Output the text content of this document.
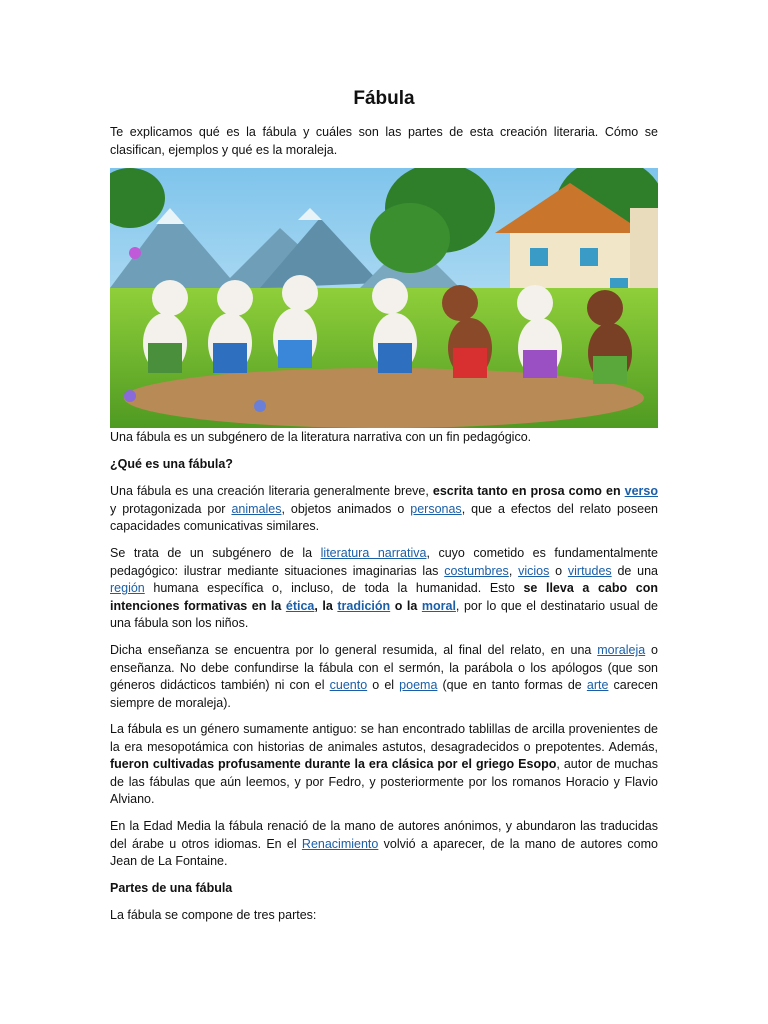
Fábula

Te explicamos qué es la fábula y cuáles son las partes de esta creación literaria. Cómo se clasifican, ejemplos y qué es la moraleja.

Una fábula es un subgénero de la literatura narrativa con un fin pedagógico.

¿Qué es una fábula?

Una fábula es una creación literaria generalmente breve, escrita tanto en prosa como en verso y protagonizada por animales, objetos animados o personas, que a efectos del relato poseen capacidades comunicativas similares.

Se trata de un subgénero de la literatura narrativa, cuyo cometido es fundamentalmente pedagógico: ilustrar mediante situaciones imaginarias las costumbres, vicios o virtudes de una región humana específica o, incluso, de toda la humanidad. Esto se lleva a cabo con intenciones formativas en la ética, la tradición o la moral, por lo que el destinatario usual de una fábula son los niños.

Dicha enseñanza se encuentra por lo general resumida, al final del relato, en una moraleja o enseñanza. No debe confundirse la fábula con el sermón, la parábola o los apólogos (que son géneros didácticos también) ni con el cuento o el poema (que en tanto formas de arte carecen siempre de moraleja).

La fábula es un género sumamente antiguo: se han encontrado tablillas de arcilla provenientes de la era mesopotámica con historias de animales astutos, desagradecidos o prepotentes. Además, fueron cultivadas profusamente durante la era clásica por el griego Esopo, autor de muchas de las fábulas que aún leemos, y por Fedro, y posteriormente por los romanos Horacio y Flavio Alviano.

En la Edad Media la fábula renació de la mano de autores anónimos, y abundaron las traducidas del árabe u otros idiomas. En el Renacimiento volvió a aparecer, de la mano de autores como Jean de La Fontaine.

Partes de una fábula

La fábula se compone de tres partes:
